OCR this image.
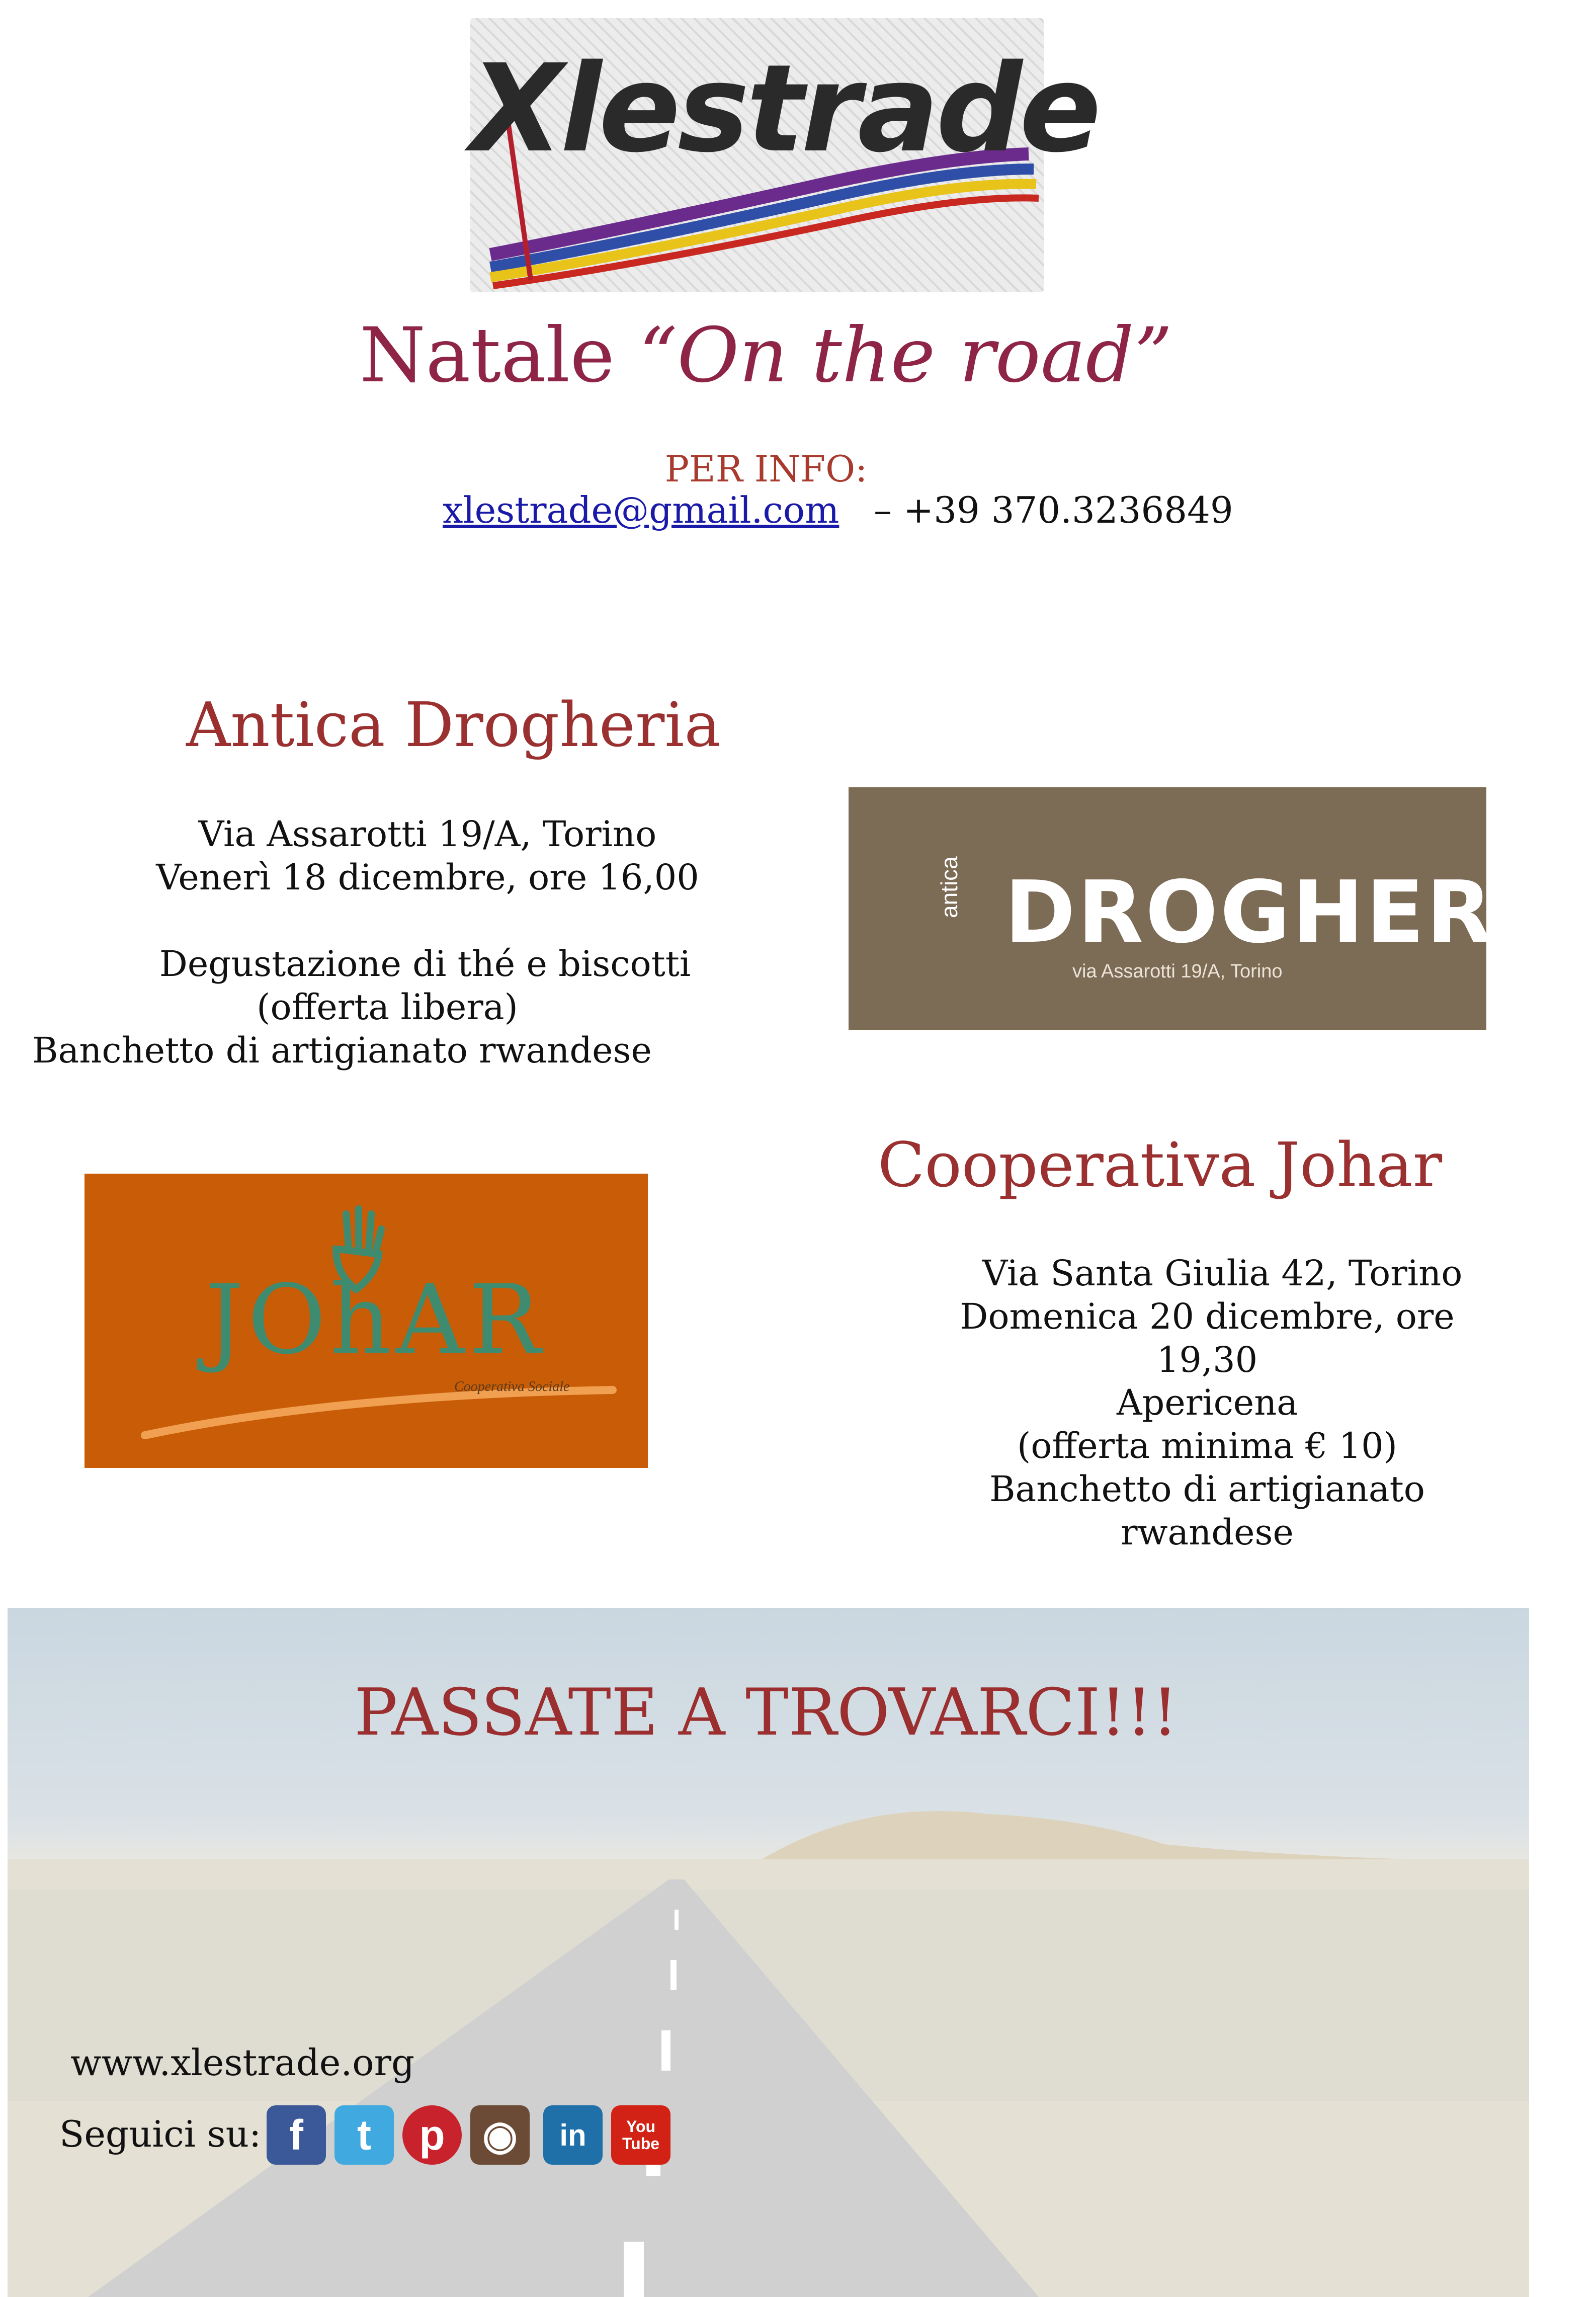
Xlestrade
Natale “On the road”
PER INFO:
xlestrade@gmail.com – +39 370.3236849
Antica Drogheria
Via Assarotti 19/A, Torino
Venerì 18 dicembre, ore 16,00
Degustazione di thé e biscotti
(offerta libera)
Banchetto di artigianato rwandese
antica DROGHERIA
via Assarotti 19/A, Torino
JOhAR
Cooperativa Sociale
Cooperativa Johar
Via Santa Giulia 42, Torino
Domenica 20 dicembre, ore 19,30
Apericena
(offerta minima € 10)
Banchetto di artigianato rwandese
PASSATE A TROVARCI!!!
www.xlestrade.org
Seguici su: f	t	p ◉	in	You Tube
